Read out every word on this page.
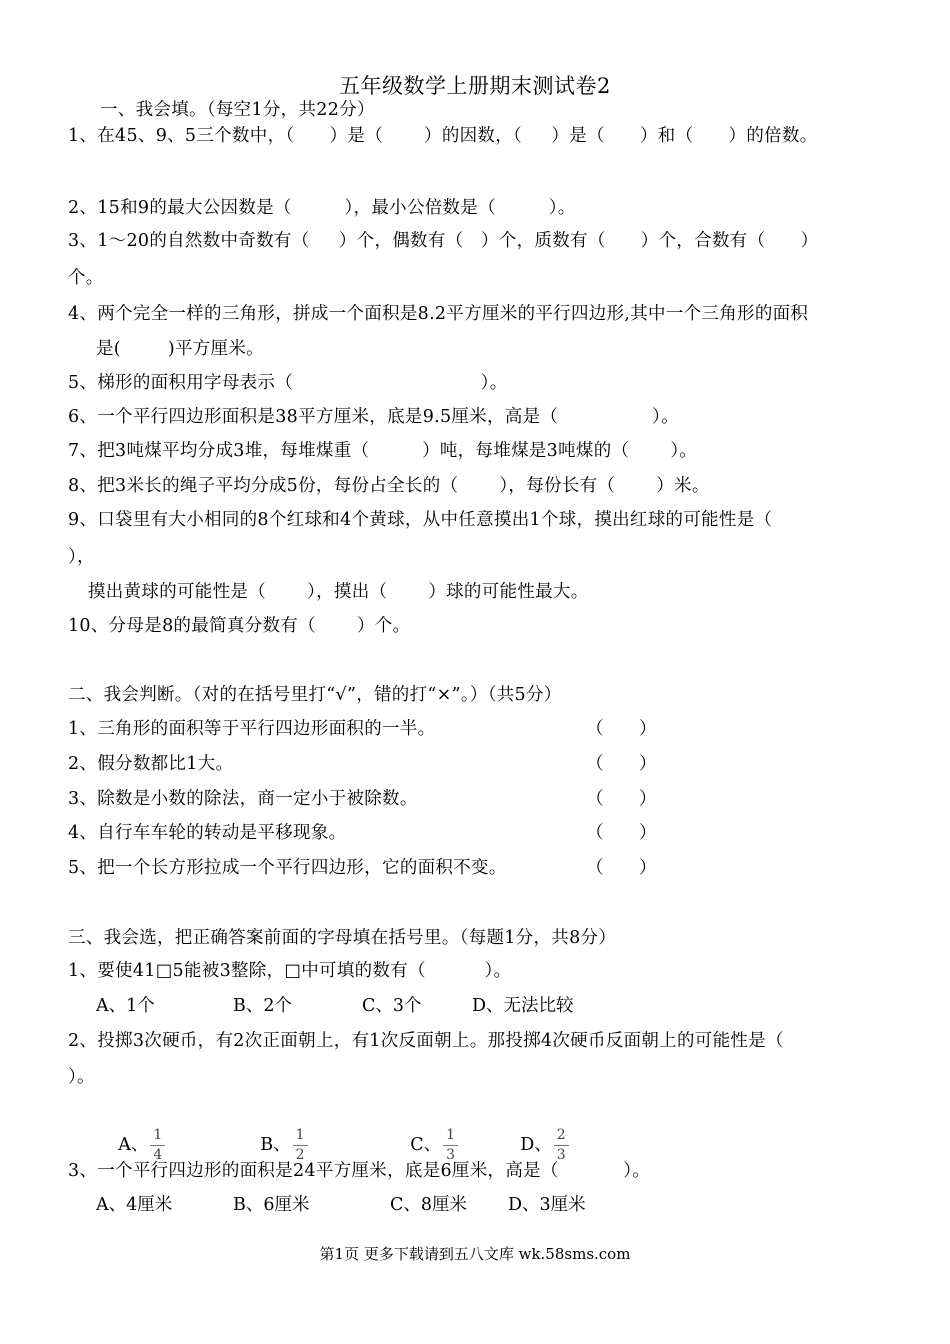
五年级数学上册期末测试卷2
一、我会填。（每空1分，共22分）
1、在45、9、5三个数中，（      ）是（       ）的因数，（     ）是（      ）和（      ）的倍数。
2、15和9的最大公因数是（         ），最小公倍数是（         ）。
3、1～20的自然数中奇数有（     ）个，偶数有（   ）个，质数有（      ）个，合数有（      ）
个。
4、两个完全一样的三角形，拼成一个面积是8.2平方厘米的平行四边形,其中一个三角形的面积
是(        )平方厘米。
5、梯形的面积用字母表示（                                ）。
6、一个平行四边形面积是38平方厘米，底是9.5厘米，高是（                ）。
7、把3吨煤平均分成3堆，每堆煤重（         ）吨，每堆煤是3吨煤的（       ）。
8、把3米长的绳子平均分成5份，每份占全长的（       ），每份长有（       ）米。
9、口袋里有大小相同的8个红球和4个黄球，从中任意摸出1个球，摸出红球的可能性是（
），
摸出黄球的可能性是（       ），摸出（       ）球的可能性最大。
10、分母是8的最简真分数有（       ）个。
二、我会判断。（对的在括号里打“√”，错的打“×”。）（共5分）
1、三角形的面积等于平行四边形面积的一半。	（      ）
2、假分数都比1大。	（      ）
3、除数是小数的除法，商一定小于被除数。	（      ）
4、自行车车轮的转动是平移现象。	（      ）
5、把一个长方形拉成一个平行四边形，它的面积不变。	（      ）
三、我会选，把正确答案前面的字母填在括号里。（每题1分，共8分）
1、要使41□5能被3整除，□中可填的数有（          ）。
A、1个	B、2个	C、3个	D、无法比较
2、投掷3次硬币，有2次正面朝上，有1次反面朝上。那投掷4次硬币反面朝上的可能性是（
）。

A、 $\frac{1}{4}$

	B、 $\frac{1}{2}$

	C、 $\frac{1}{3}$

	D、 $\frac{2}{3}$

3、一个平行四边形的面积是24平方厘米，底是6厘米，高是（           ）。
A、4厘米	B、6厘米	C、8厘米 D、3厘米
第1页 更多下载请到五八文库 wk.58sms.com
